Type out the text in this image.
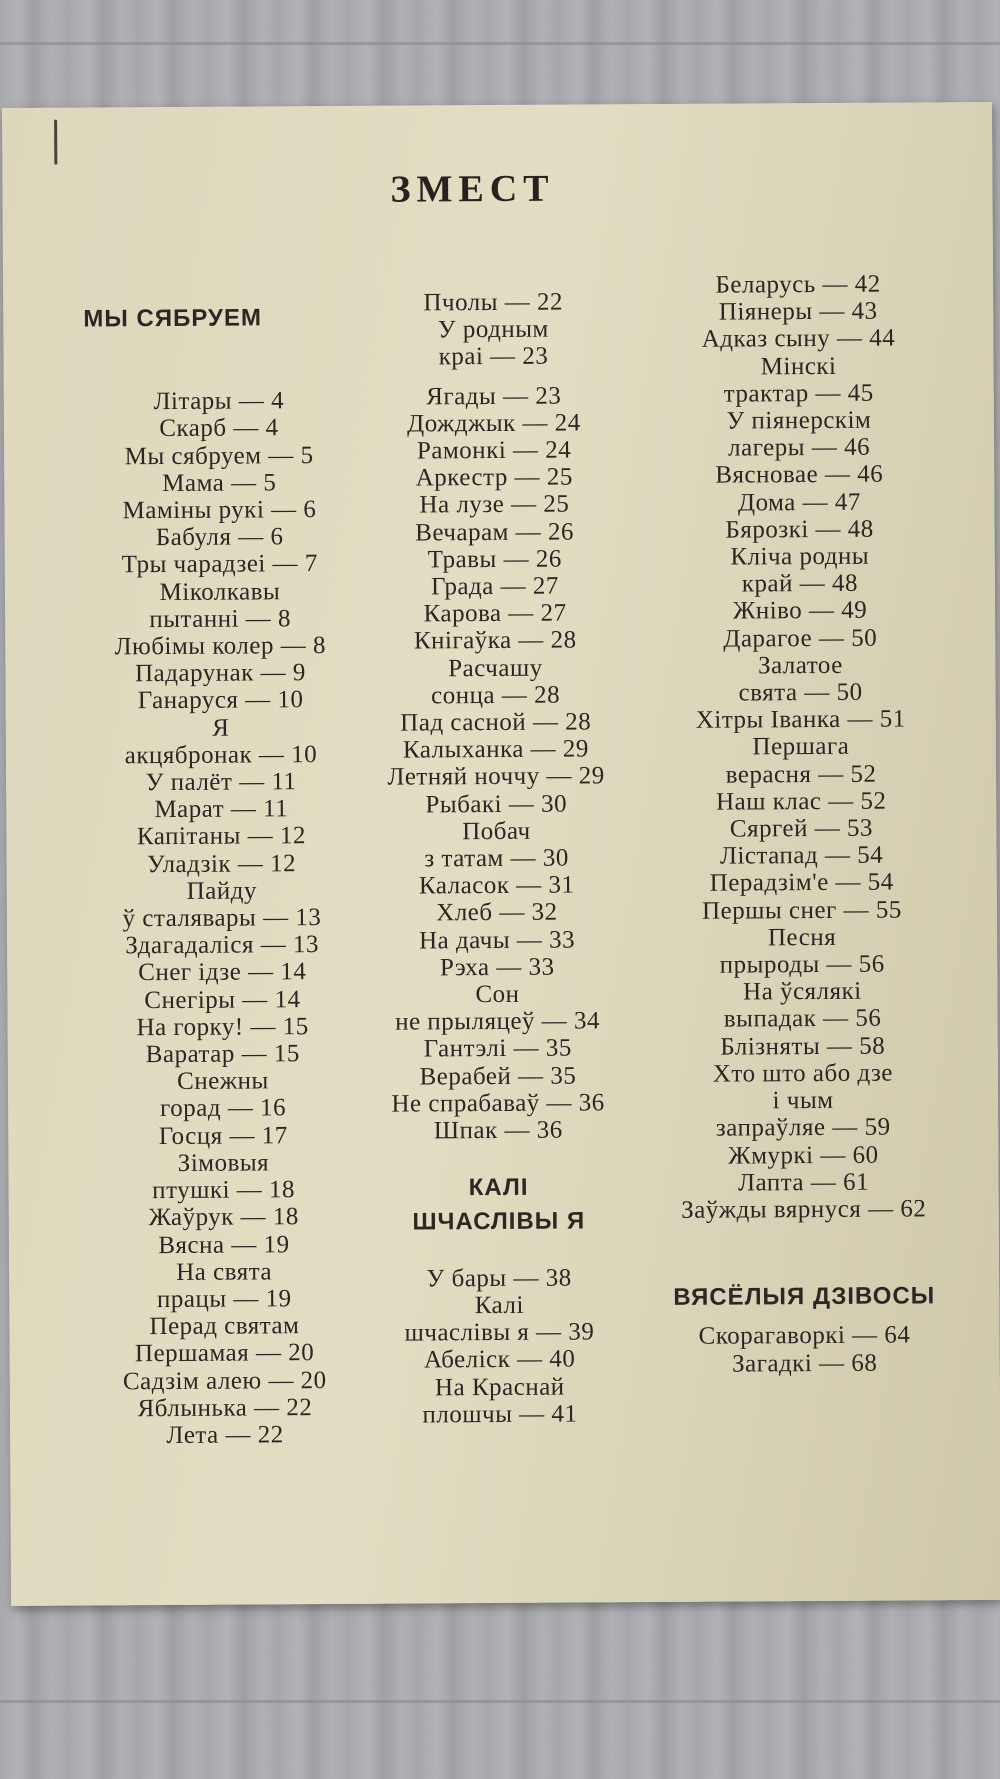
ЗМЕСТ
МЫ СЯБРУЕМ
Літары — 4
Скарб — 4
Мы сябруем — 5
Мама — 5
Маміны рукі — 6
Бабуля — 6
Тры чарадзеі — 7
Міколкавы
пытанні — 8
Любімы колер — 8
Падарунак — 9
Ганаруся — 10
Я
акцябронак — 10
У палёт — 11
Марат — 11
Капітаны — 12
Уладзік — 12
Пайду
ў сталявары — 13
Здагадаліся — 13
Снег ідзе — 14
Снегіры — 14
На горку! — 15
Варатар — 15
Снежны
горад — 16
Госця — 17
Зімовыя
птушкі — 18
Жаўрук — 18
Вясна — 19
На свята
працы — 19
Перад святам
Першамая — 20
Садзім алею — 20
Яблынька — 22
Лета — 22
Пчолы — 22
У родным
краі — 23
Ягады — 23
Дожджык — 24
Рамонкі — 24
Аркестр — 25
На лузе — 25
Вечарам — 26
Травы — 26
Града — 27
Карова — 27
Кнігаўка — 28
Расчашу
сонца — 28
Пад сасной — 28
Калыханка — 29
Летняй ноччу — 29
Рыбакі — 30
Побач
з татам — 30
Каласок — 31
Хлеб — 32
На дачы — 33
Рэха — 33
Сон
не прыляцеў — 34
Гантэлі — 35
Верабей — 35
Не спрабаваў — 36
Шпак — 36
КАЛІ
ШЧАСЛІВЫ Я
У бары — 38
Калі
шчаслівы я — 39
Абеліск — 40
На Краснай
плошчы — 41
Беларусь — 42
Піянеры — 43
Адказ сыну — 44
Мінскі
трактар — 45
У піянерскім
лагеры — 46
Вясновае — 46
Дома — 47
Бярозкі — 48
Кліча родны
край — 48
Жніво — 49
Дарагое — 50
Залатое
свята — 50
Хітры Іванка — 51
Першага
верасня — 52
Наш клас — 52
Сяргей — 53
Лістапад — 54
Перадзім'е — 54
Першы снег — 55
Песня
прыроды — 56
На ўсялякі
выпадак — 56
Блізняты — 58
Хто што або дзе
і чым
запраўляе — 59
Жмуркі — 60
Лапта — 61
Заўжды вярнуся — 62
ВЯСЁЛЫЯ ДЗІВОСЫ
Скорагаворкі — 64
Загадкі — 68
